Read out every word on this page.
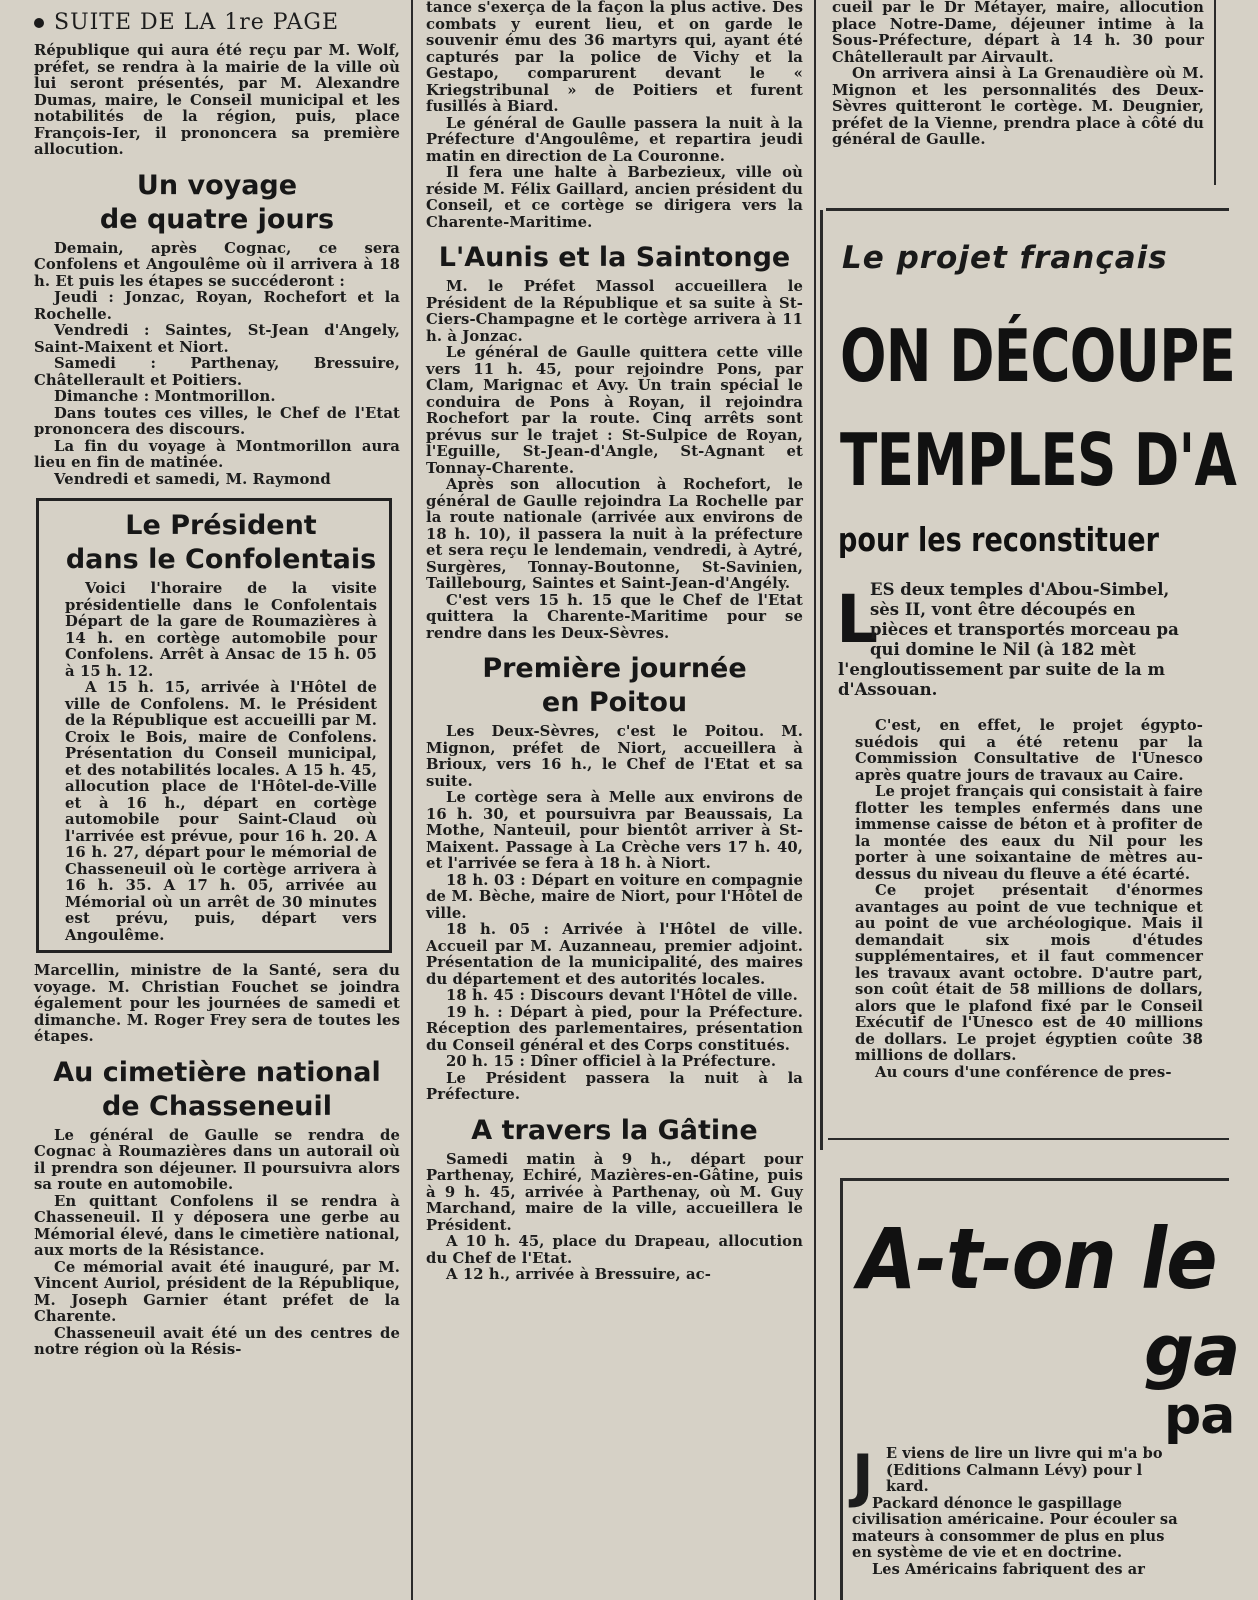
SUITE DE LA 1re PAGE

République qui aura été reçu par M. Wolf, préfet, se rendra à la mairie de la ville où lui seront présentés, par M. Alexandre Dumas, maire, le Conseil municipal et les notabilités de la région, puis, place François-Ier, il prononcera sa première allocution.

Un voyage
de quatre jours

Demain, après Cognac, ce sera Confolens et Angoulême où il arrivera à 18 h. Et puis les étapes se succéderont :

Jeudi : Jonzac, Royan, Rochefort et la Rochelle.

Vendredi : Saintes, St-Jean d'Angely, Saint-Maixent et Niort.

Samedi : Parthenay, Bressuire, Châtellerault et Poitiers.

Dimanche : Montmorillon.

Dans toutes ces villes, le Chef de l'Etat prononcera des discours.

La fin du voyage à Montmorillon aura lieu en fin de matinée.

Vendredi et samedi, M. Raymond

Le Président
dans le Confolentais

Voici l'horaire de la visite présidentielle dans le Confolentais Départ de la gare de Roumazières à 14 h. en cortège automobile pour Confolens. Arrêt à Ansac de 15 h. 05 à 15 h. 12.

A 15 h. 15, arrivée à l'Hôtel de ville de Confolens. M. le Président de la République est accueilli par M. Croix le Bois, maire de Confolens. Présentation du Conseil municipal, et des notabilités locales. A 15 h. 45, allocution place de l'Hôtel-de-Ville et à 16 h., départ en cortège automobile pour Saint-Claud où l'arrivée est prévue, pour 16 h. 20. A 16 h. 27, départ pour le mémorial de Chasseneuil où le cortège arrivera à 16 h. 35. A 17 h. 05, arrivée au Mémorial où un arrêt de 30 minutes est prévu, puis, départ vers Angoulême.

Marcellin, ministre de la Santé, sera du voyage. M. Christian Fouchet se joindra également pour les journées de samedi et dimanche. M. Roger Frey sera de toutes les étapes.

Au cimetière national
de Chasseneuil

Le général de Gaulle se rendra de Cognac à Roumazières dans un autorail où il prendra son déjeuner. Il poursuivra alors sa route en automobile.

En quittant Confolens il se rendra à Chasseneuil. Il y déposera une gerbe au Mémorial élevé, dans le cimetière national, aux morts de la Résistance.

Ce mémorial avait été inauguré, par M. Vincent Auriol, président de la République, M. Joseph Garnier étant préfet de la Charente.

Chasseneuil avait été un des centres de notre région où la Résis-

tance s'exerça de la façon la plus active. Des combats y eurent lieu, et on garde le souvenir ému des 36 martyrs qui, ayant été capturés par la police de Vichy et la Gestapo, comparurent devant le « Kriegstribunal » de Poitiers et furent fusillés à Biard.

Le général de Gaulle passera la nuit à la Préfecture d'Angoulême, et repartira jeudi matin en direction de La Couronne.

Il fera une halte à Barbezieux, ville où réside M. Félix Gaillard, ancien président du Conseil, et ce cortège se dirigera vers la Charente-Maritime.

L'Aunis et la Saintonge

M. le Préfet Massol accueillera le Président de la République et sa suite à St-Ciers-Champagne et le cortège arrivera à 11 h. à Jonzac.

Le général de Gaulle quittera cette ville vers 11 h. 45, pour rejoindre Pons, par Clam, Marignac et Avy. Un train spécial le conduira de Pons à Royan, il rejoindra Rochefort par la route. Cinq arrêts sont prévus sur le trajet : St-Sulpice de Royan, l'Eguille, St-Jean-d'Angle, St-Agnant et Tonnay-Charente.

Après son allocution à Rochefort, le général de Gaulle rejoindra La Rochelle par la route nationale (arrivée aux environs de 18 h. 10), il passera la nuit à la préfecture et sera reçu le lendemain, vendredi, à Aytré, Surgères, Tonnay-Boutonne, St-Savinien, Taillebourg, Saintes et Saint-Jean-d'Angély.

C'est vers 15 h. 15 que le Chef de l'Etat quittera la Charente-Maritime pour se rendre dans les Deux-Sèvres.

Première journée
en Poitou

Les Deux-Sèvres, c'est le Poitou. M. Mignon, préfet de Niort, accueillera à Brioux, vers 16 h., le Chef de l'Etat et sa suite.

Le cortège sera à Melle aux environs de 16 h. 30, et poursuivra par Beaussais, La Mothe, Nanteuil, pour bientôt arriver à St-Maixent. Passage à La Crèche vers 17 h. 40, et l'arrivée se fera à 18 h. à Niort.

18 h. 03 : Départ en voiture en compagnie de M. Bèche, maire de Niort, pour l'Hôtel de ville.

18 h. 05 : Arrivée à l'Hôtel de ville. Accueil par M. Auzanneau, premier adjoint. Présentation de la municipalité, des maires du département et des autorités locales.

18 h. 45 : Discours devant l'Hôtel de ville.

19 h. : Départ à pied, pour la Préfecture. Réception des parlementaires, présentation du Conseil général et des Corps constitués.

20 h. 15 : Dîner officiel à la Préfecture.

Le Président passera la nuit à la Préfecture.

A travers la Gâtine

Samedi matin à 9 h., départ pour Parthenay, Echiré, Mazières-en-Gâtine, puis à 9 h. 45, arrivée à Parthenay, où M. Guy Marchand, maire de la ville, accueillera le Président.

A 10 h. 45, place du Drapeau, allocution du Chef de l'Etat.

A 12 h., arrivée à Bressuire, ac-

cueil par le Dr Métayer, maire, allocution place Notre-Dame, déjeuner intime à la Sous-Préfecture, départ à 14 h. 30 pour Châtellerault par Airvault.

On arrivera ainsi à La Grenaudière où M. Mignon et les personnalités des Deux-Sèvres quitteront le cortège. M. Deugnier, préfet de la Vienne, prendra place à côté du général de Gaulle.

Le projet français
ON DÉCOUPE
TEMPLES D'A
pour les reconstituer
L
ES deux temples d'Abou-Simbel,
sès II, vont être découpés en
pièces et transportés morceau pa
qui domine le Nil (à 182 mèt
l'engloutissement par suite de la m
d'Assouan.

C'est, en effet, le projet égypto-suédois qui a été retenu par la Commission Consultative de l'Unesco après quatre jours de travaux au Caire.

Le projet français qui consistait à faire flotter les temples enfermés dans une immense caisse de béton et à profiter de la montée des eaux du Nil pour les porter à une soixantaine de mètres au-dessus du niveau du fleuve a été écarté.

Ce projet présentait d'énormes avantages au point de vue technique et au point de vue archéologique. Mais il demandait six mois d'études supplémentaires, et il faut commencer les travaux avant octobre. D'autre part, son coût était de 58 millions de dollars, alors que le plafond fixé par le Conseil Exécutif de l'Unesco est de 40 millions de dollars. Le projet égyptien coûte 38 millions de dollars.

Au cours d'une conférence de pres-

A-t-on le
ga
pa
J E viens de lire un livre qui m'a bo

(Editions Calmann Lévy) pour l

kard.

Packard dénonce le gaspillage

civilisation américaine. Pour écouler sa

mateurs à consommer de plus en plus

en système de vie et en doctrine.

Les Américains fabriquent des ar
